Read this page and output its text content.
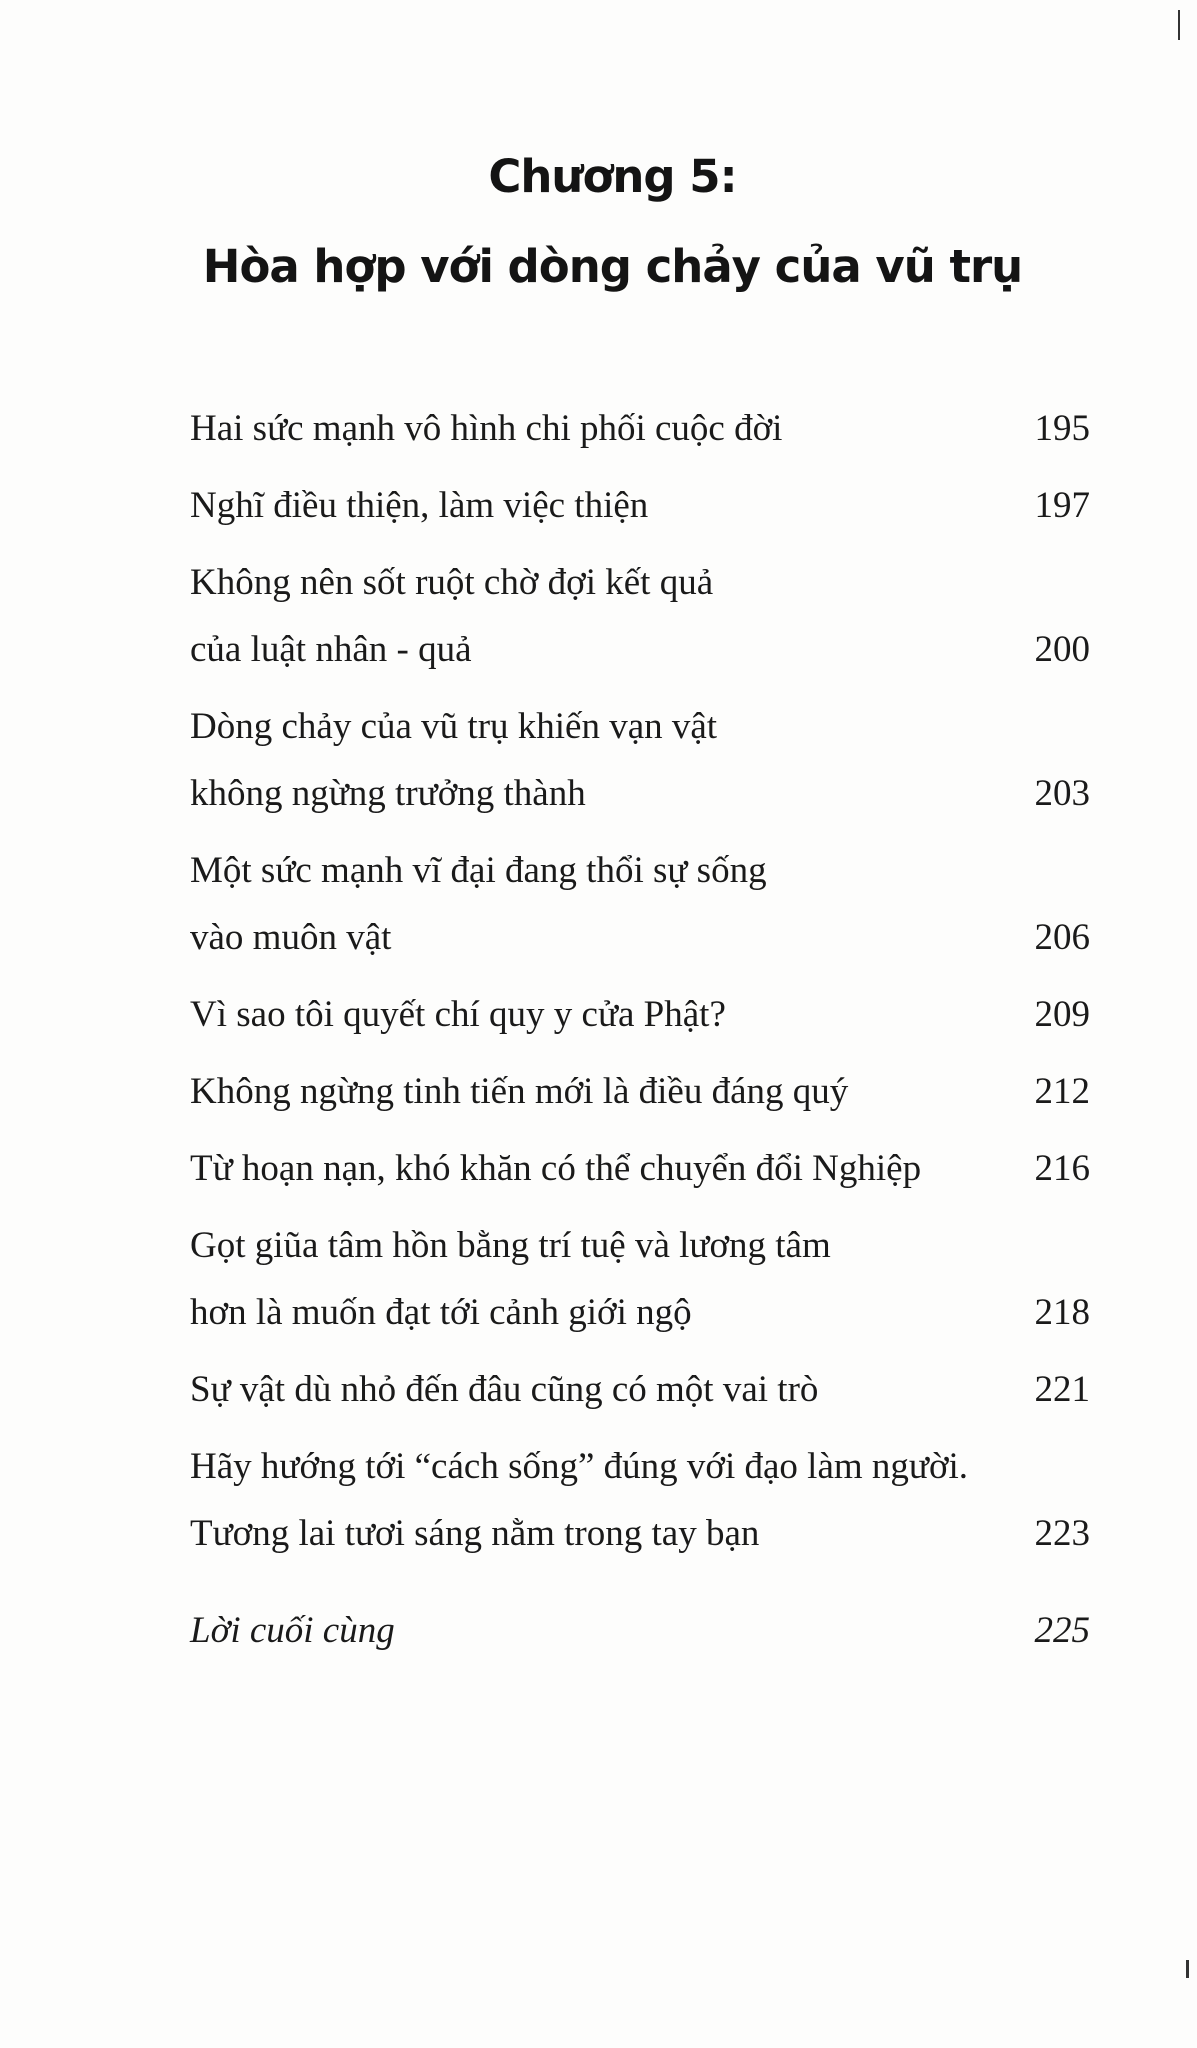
Chương 5:
Hòa hợp với dòng chảy của vũ trụ
Hai sức mạnh vô hình chi phối cuộc đời	195
Nghĩ điều thiện, làm việc thiện	197
Không nên sốt ruột chờ đợi kết quả
của luật nhân - quả	200
Dòng chảy của vũ trụ khiến vạn vật
không ngừng trưởng thành	203
Một sức mạnh vĩ đại đang thổi sự sống
vào muôn vật	206
Vì sao tôi quyết chí quy y cửa Phật?	209
Không ngừng tinh tiến mới là điều đáng quý	212
Từ hoạn nạn, khó khăn có thể chuyển đổi Nghiệp	216
Gọt giũa tâm hồn bằng trí tuệ và lương tâm
hơn là muốn đạt tới cảnh giới ngộ	218
Sự vật dù nhỏ đến đâu cũng có một vai trò	221
Hãy hướng tới “cách sống” đúng với đạo làm người.
Tương lai tươi sáng nằm trong tay bạn	223
Lời cuối cùng	225
